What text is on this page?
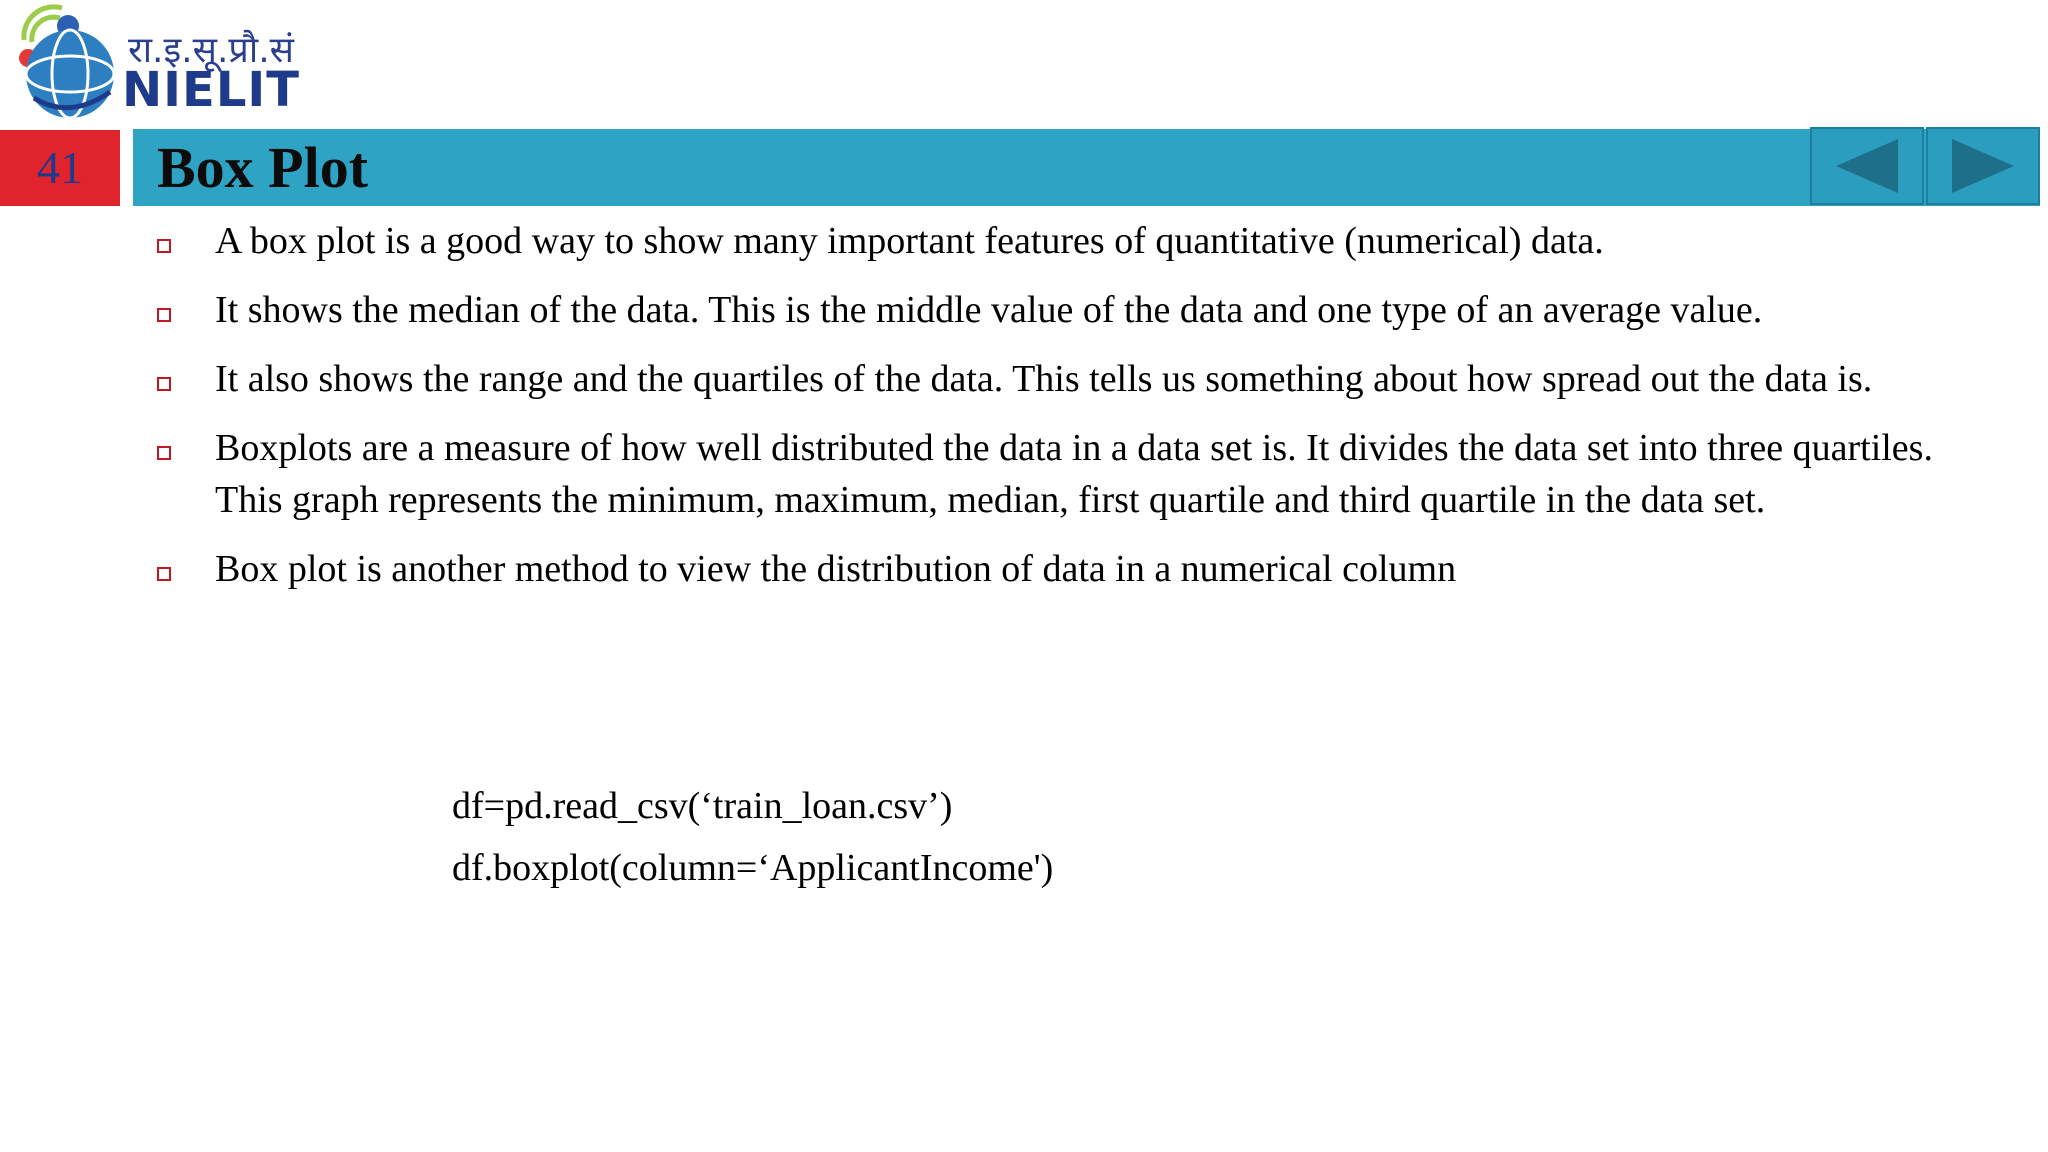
रा.इ.सू.प्रौ.सं
NIELIT
41	Box Plot
A box plot is a good way to show many important features of quantitative (numerical) data.
It shows the median of the data. This is the middle value of the data and one type of an average value.
It also shows the range and the quartiles of the data. This tells us something about how spread out the data is.
Boxplots are a measure of how well distributed the data in a data set is. It divides the data set into three quartiles. This graph represents the minimum, maximum, median, first quartile and third quartile in the data set.
Box plot is another method to view the distribution of data in a numerical column
df=pd.read_csv(‘train_loan.csv’)
df.boxplot(column=‘ApplicantIncome')
